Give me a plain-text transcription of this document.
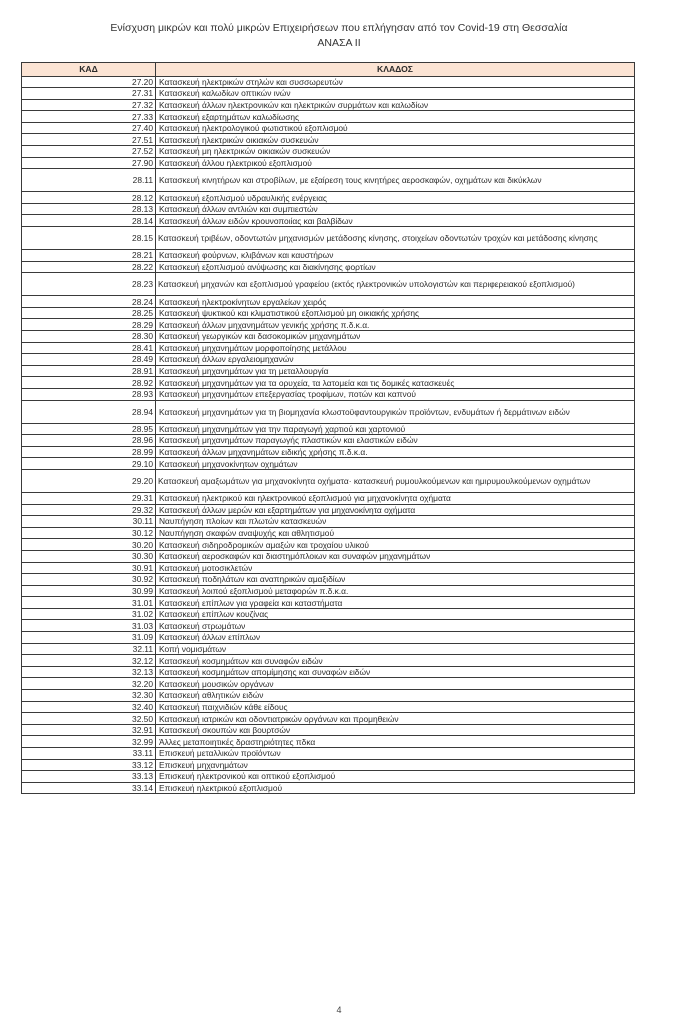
Ενίσχυση μικρών και πολύ μικρών Επιχειρήσεων που επλήγησαν από τον Covid-19 στη Θεσσαλία
ΑΝΑΣΑ ΙΙ
ΚΑΔ	ΚΛΑΔΟΣ
27.20	Κατασκευή ηλεκτρικών στηλών και συσσωρευτών
27.31	Κατασκευή καλωδίων οπτικών ινών
27.32	Κατασκευή άλλων ηλεκτρονικών και ηλεκτρικών συρμάτων και καλωδίων
27.33	Κατασκευή εξαρτημάτων καλωδίωσης
27.40	Κατασκευή ηλεκτρολογικού φωτιστικού εξοπλισμού
27.51	Κατασκευή ηλεκτρικών οικιακών συσκευών
27.52	Κατασκευή μη ηλεκτρικών οικιακών συσκευών
27.90	Κατασκευή άλλου ηλεκτρικού εξοπλισμού
28.11	Κατασκευή κινητήρων και στροβίλων, με εξαίρεση τους κινητήρες αεροσκαφών, οχημάτων και δικύκλων
28.12	Κατασκευή εξοπλισμού υδραυλικής ενέργειας
28.13	Κατασκευή άλλων αντλιών και συμπιεστών
28.14	Κατασκευή άλλων ειδών κρουνοποιίας και βαλβίδων
28.15	Κατασκευή τριβέων, οδοντωτών μηχανισμών μετάδοσης κίνησης, στοιχείων οδοντωτών τροχών και μετάδοσης κίνησης
28.21	Κατασκευή φούρνων, κλιβάνων και καυστήρων
28.22	Κατασκευή εξοπλισμού ανύψωσης και διακίνησης φορτίων
28.23	Κατασκευή μηχανών και εξοπλισμού γραφείου (εκτός ηλεκτρονικών υπολογιστών και περιφερειακού εξοπλισμού)
28.24	Κατασκευή ηλεκτροκίνητων εργαλείων χειρός
28.25	Κατασκευή ψυκτικού και κλιματιστικού εξοπλισμού μη οικιακής χρήσης
28.29	Κατασκευή άλλων μηχανημάτων γενικής χρήσης π.δ.κ.α.
28.30	Κατασκευή γεωργικών και δασοκομικών μηχανημάτων
28.41	Κατασκευή μηχανημάτων μορφοποίησης μετάλλου
28.49	Κατασκευή άλλων εργαλειομηχανών
28.91	Κατασκευή μηχανημάτων για τη μεταλλουργία
28.92	Κατασκευή μηχανημάτων για τα ορυχεία, τα λατομεία και τις δομικές κατασκευές
28.93	Κατασκευή μηχανημάτων επεξεργασίας τροφίμων, ποτών και καπνού
28.94	Κατασκευή μηχανημάτων για τη βιομηχανία κλωστοϋφαντουργικών προϊόντων, ενδυμάτων ή δερμάτινων ειδών
28.95	Κατασκευή μηχανημάτων για την παραγωγή χαρτιού και χαρτονιού
28.96	Κατασκευή μηχανημάτων παραγωγής πλαστικών και ελαστικών ειδών
28.99	Κατασκευή άλλων μηχανημάτων ειδικής χρήσης π.δ.κ.α.
29.10	Κατασκευή μηχανοκίνητων οχημάτων
29.20	Κατασκευή αμαξωμάτων για μηχανοκίνητα οχήματα· κατασκευή ρυμουλκούμενων και ημιρυμουλκούμενων οχημάτων
29.31	Κατασκευή ηλεκτρικού και ηλεκτρονικού εξοπλισμού για μηχανοκίνητα οχήματα
29.32	Κατασκευή άλλων μερών και εξαρτημάτων για μηχανοκίνητα οχήματα
30.11	Ναυπήγηση πλοίων και πλωτών κατασκευών
30.12	Ναυπήγηση σκαφών αναψυχής και αθλητισμού
30.20	Κατασκευή σιδηροδρομικών αμαξών και τροχαίου υλικού
30.30	Κατασκευή αεροσκαφών και διαστημόπλοιων και συναφών μηχανημάτων
30.91	Κατασκευή μοτοσικλετών
30.92	Κατασκευή ποδηλάτων και αναπηρικών αμαξιδίων
30.99	Κατασκευή λοιπού εξοπλισμού μεταφορών π.δ.κ.α.
31.01	Κατασκευή επίπλων για γραφεία και καταστήματα
31.02	Κατασκευή επίπλων κουζίνας
31.03	Κατασκευή στρωμάτων
31.09	Κατασκευή άλλων επίπλων
32.11	Κοπή νομισμάτων
32.12	Κατασκευή κοσμημάτων και συναφών ειδών
32.13	Κατασκευή κοσμημάτων απομίμησης και συναφών ειδών
32.20	Κατασκευή μουσικών οργάνων
32.30	Κατασκευή αθλητικών ειδών
32.40	Κατασκευή παιχνιδιών κάθε είδους
32.50	Κατασκευή ιατρικών και οδοντιατρικών οργάνων και προμηθειών
32.91	Κατασκευή σκουπών και βουρτσών
32.99	Άλλες μεταποιητικές δραστηριότητες πδκα
33.11	Επισκευή μεταλλικών προϊόντων
33.12	Επισκευή μηχανημάτων
33.13	Επισκευή ηλεκτρονικού και οπτικού εξοπλισμού
33.14	Επισκευή ηλεκτρικού εξοπλισμού
4
